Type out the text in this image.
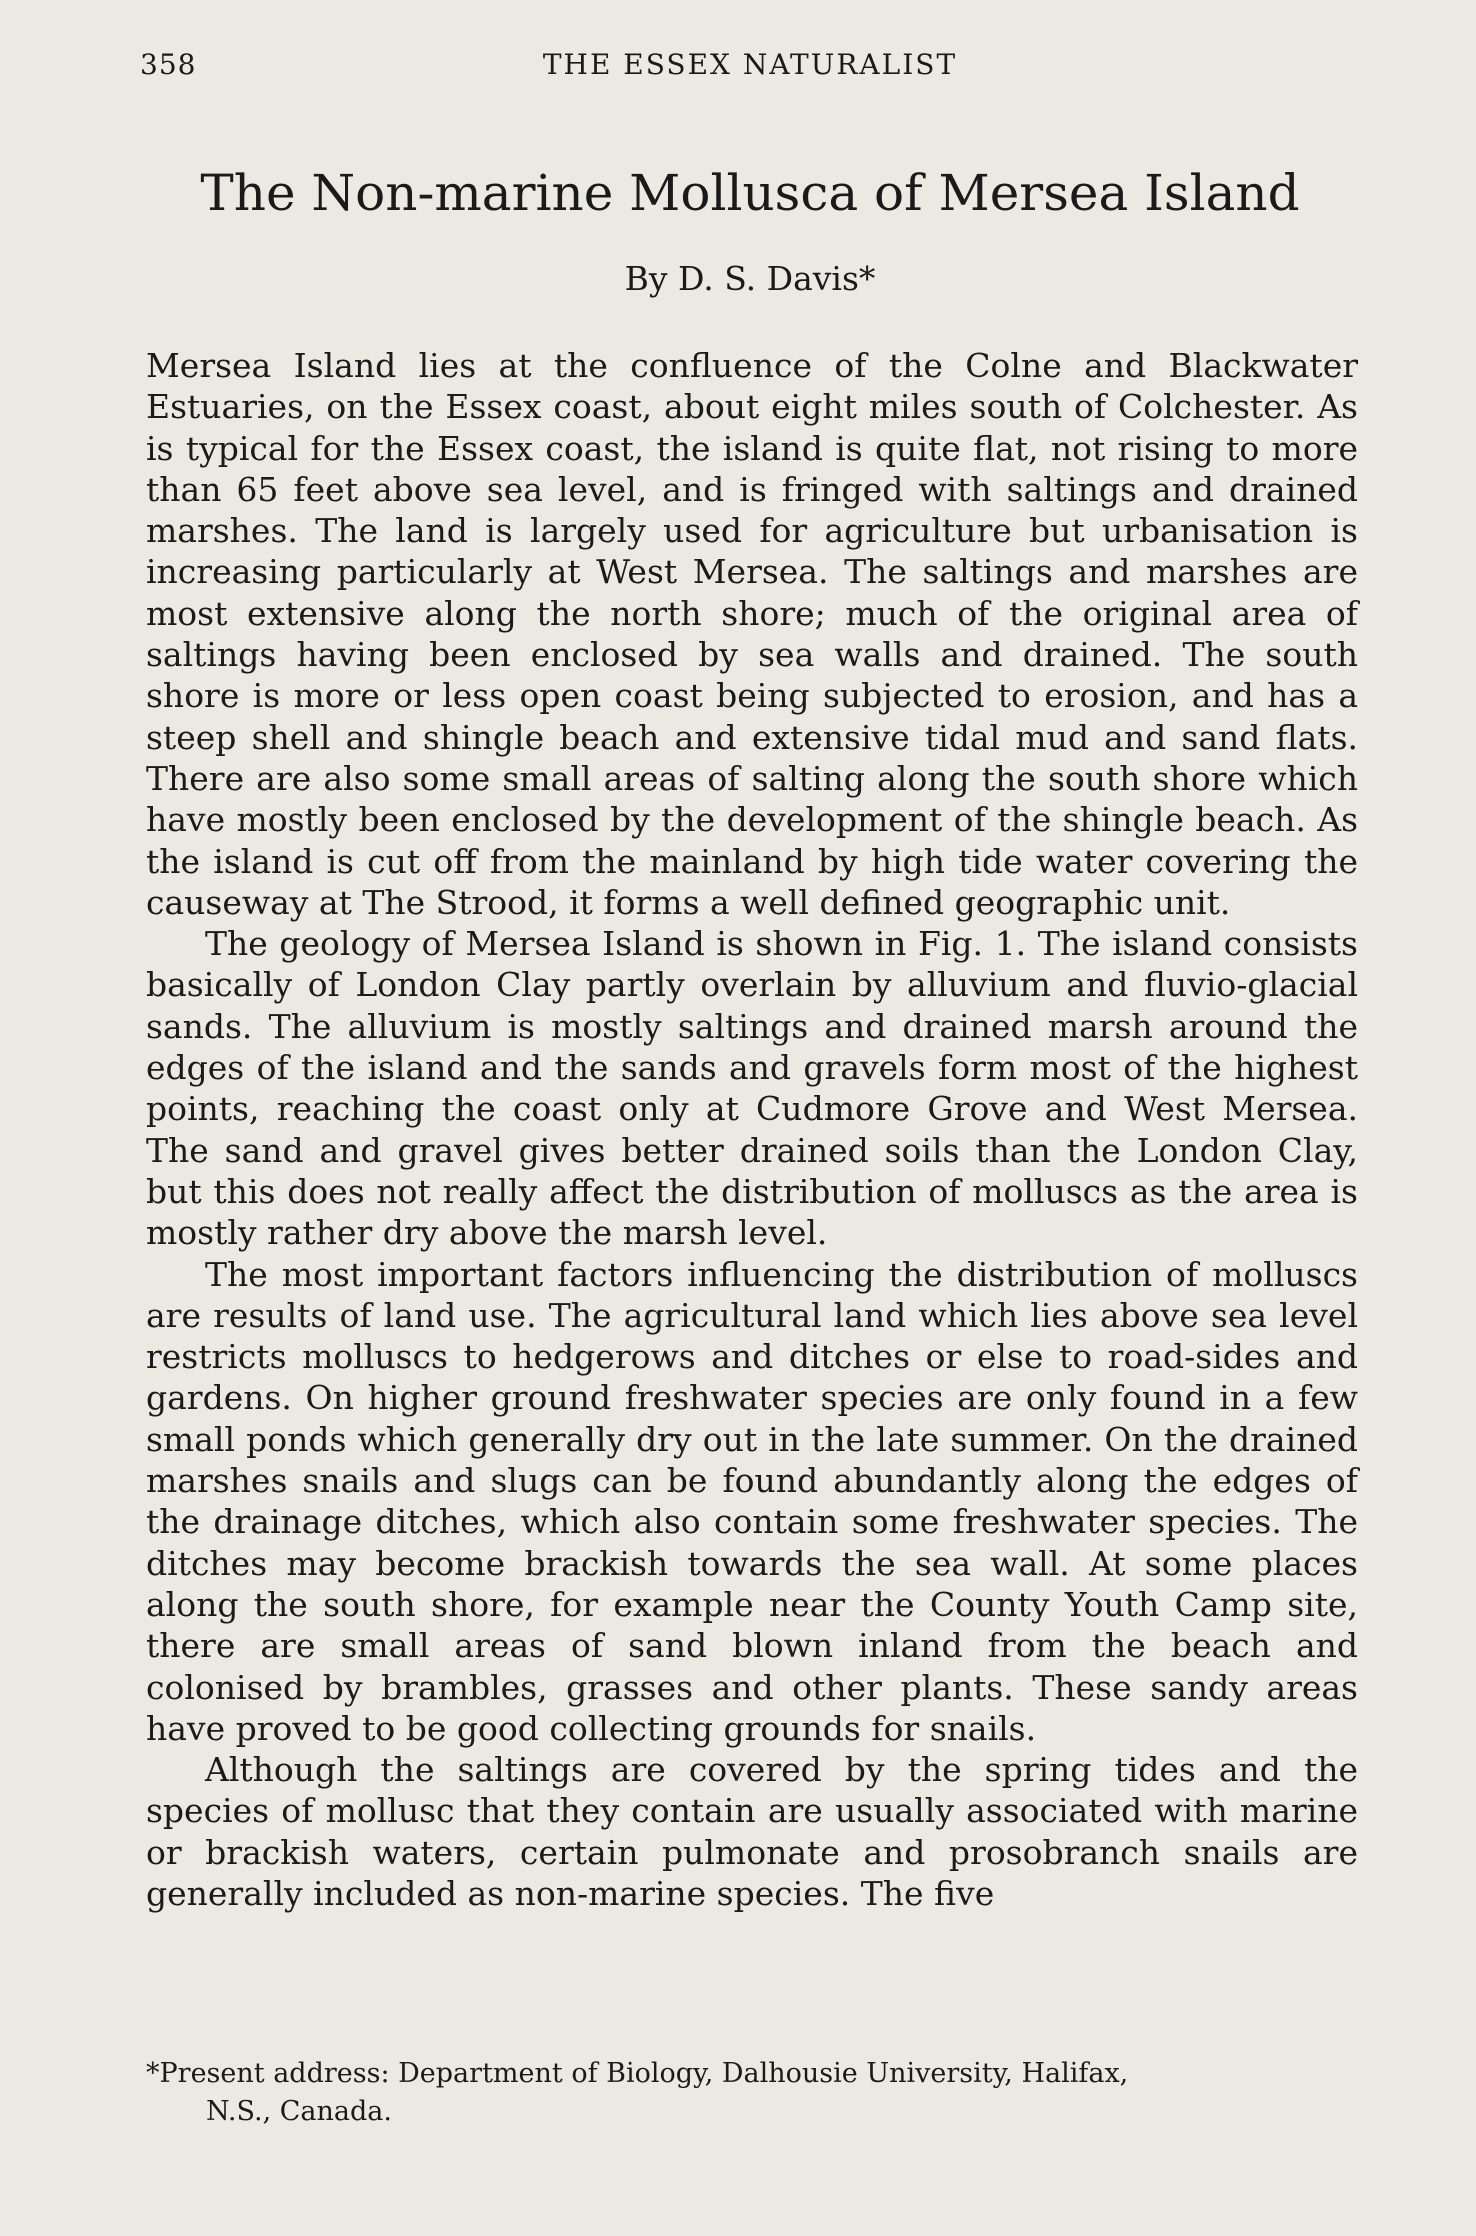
358	THE ESSEX NATURALIST
The Non-marine Mollusca of Mersea Island
By D. S. Davis*

Mersea Island lies at the confluence of the Colne and Blackwater Estuaries, on the Essex coast, about eight miles south of Colchester. As is typical for the Essex coast, the island is quite flat, not rising to more than 65 feet above sea level, and is fringed with saltings and drained marshes. The land is largely used for agriculture but urbanisation is increasing particularly at West Mersea. The saltings and marshes are most extensive along the north shore; much of the original area of saltings having been enclosed by sea walls and drained. The south shore is more or less open coast being subjected to erosion, and has a steep shell and shingle beach and extensive tidal mud and sand flats. There are also some small areas of salting along the south shore which have mostly been enclosed by the development of the shingle beach. As the island is cut off from the mainland by high tide water covering the causeway at The Strood, it forms a well defined geographic unit.

The geology of Mersea Island is shown in Fig. 1. The island consists basically of London Clay partly overlain by alluvium and fluvio-glacial sands. The alluvium is mostly saltings and drained marsh around the edges of the island and the sands and gravels form most of the highest points, reaching the coast only at Cudmore Grove and West Mersea. The sand and gravel gives better drained soils than the London Clay, but this does not really affect the distribution of molluscs as the area is mostly rather dry above the marsh level.

The most important factors influencing the distribution of molluscs are results of land use. The agricultural land which lies above sea level restricts molluscs to hedgerows and ditches or else to road-sides and gardens. On higher ground freshwater species are only found in a few small ponds which generally dry out in the late summer. On the drained marshes snails and slugs can be found abundantly along the edges of the drainage ditches, which also contain some freshwater species. The ditches may become brackish towards the sea wall. At some places along the south shore, for example near the County Youth Camp site, there are small areas of sand blown inland from the beach and colonised by brambles, grasses and other plants. These sandy areas have proved to be good collecting grounds for snails.

Although the saltings are covered by the spring tides and the species of mollusc that they contain are usually associated with marine or brackish waters, certain pulmonate and prosobranch snails are generally included as non-marine species. The five

*Present address: Department of Biology, Dalhousie University, Halifax,
N.S., Canada.
